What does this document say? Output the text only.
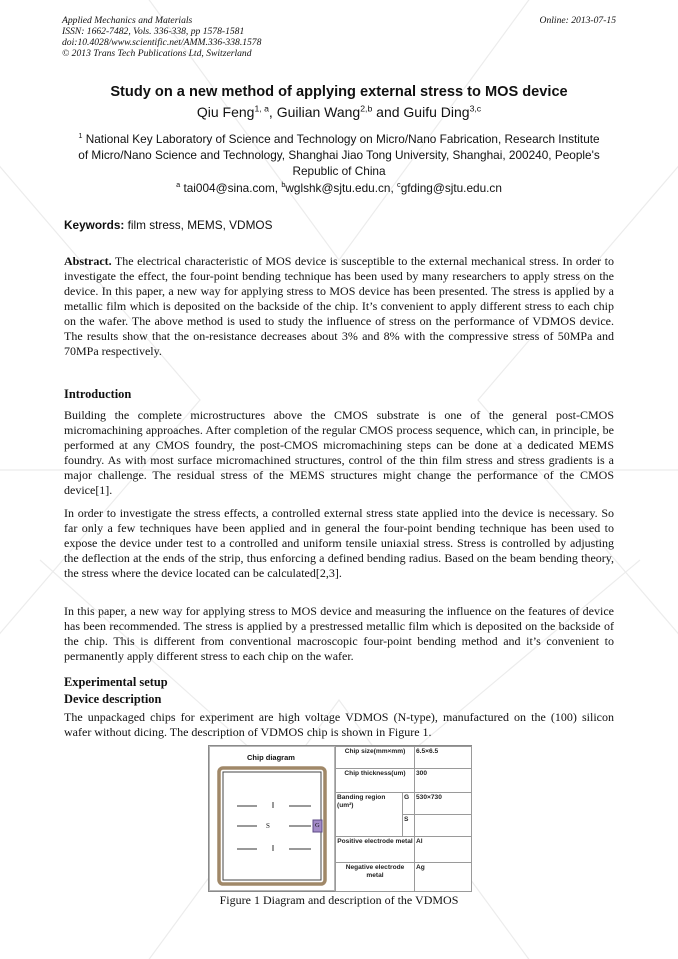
Applied Mechanics and Materials
ISSN: 1662-7482, Vols. 336-338, pp 1578-1581
doi:10.4028/www.scientific.net/AMM.336-338.1578
© 2013 Trans Tech Publications Ltd, Switzerland
Online: 2013-07-15
Study on a new method of applying external stress to MOS device
Qiu Feng$^{1, a}$, Guilian Wang$^{2,b}$ and Guifu Ding$^{3,c}$
$^1$ National Key Laboratory of Science and Technology on Micro/Nano Fabrication, Research Institute of Micro/Nano Science and Technology, Shanghai Jiao Tong University, Shanghai, 200240, People's Republic of China
$^a$ tai004@sina.com, $^b$wglshk@sjtu.edu.cn, $^c$gfding@sjtu.edu.cn
Keywords: film stress, MEMS, VDMOS

Abstract. The electrical characteristic of MOS device is susceptible to the external mechanical stress. In order to investigate the effect, the four-point bending technique has been used by many researchers to apply stress on the device. In this paper, a new way for applying stress to MOS device has been presented. The stress is applied by a metallic film which is deposited on the backside of the chip. It’s convenient to apply different stress to each chip on the wafer. The above method is used to study the influence of stress on the performance of VDMOS device. The results show that the on-resistance decreases about 3% and 8% with the compressive stress of 50MPa and 70MPa respectively.

Introduction

Building the complete microstructures above the CMOS substrate is one of the general post-CMOS micromachining approaches. After completion of the regular CMOS process sequence, which can, in principle, be performed at any CMOS foundry, the post-CMOS micromachining steps can be done at a dedicated MEMS foundry. As with most surface micromachined structures, control of the thin film stress and stress gradients is a major challenge. The residual stress of the MEMS structures might change the performance of the CMOS device[1].

In order to investigate the stress effects, a controlled external stress state applied into the device is necessary. So far only a few techniques have been applied and in general the four-point bending technique has been used to expose the device under test to a controlled and uniform tensile uniaxial stress. Stress is controlled by adjusting the deflection at the ends of the strip, thus enforcing a defined bending radius. Based on the beam bending theory, the stress where the device located can be calculated[2,3].

In this paper, a new way for applying stress to MOS device and measuring the influence on the features of device has been recommended. The stress is applied by a prestressed metallic film which is deposited on the backside of the chip. This is different from conventional macroscopic four-point bending method and it’s convenient to permanently apply different stress to each chip on the wafer.

Experimental setup
Device description

The unpackaged chips for experiment are high voltage VDMOS (N-type), manufactured on the (100) silicon wafer without dicing. The description of VDMOS chip is shown in Figure 1.

Chip diagram
S	G
Chip size(mm×mm)		6.5×6.5
Chip thickness(um)		300
Banding region (um²)	G	530×730
	S	
Positive electrode metal		Al
Negative electrode metal		Ag
Figure 1 Diagram and description of the VDMOS
